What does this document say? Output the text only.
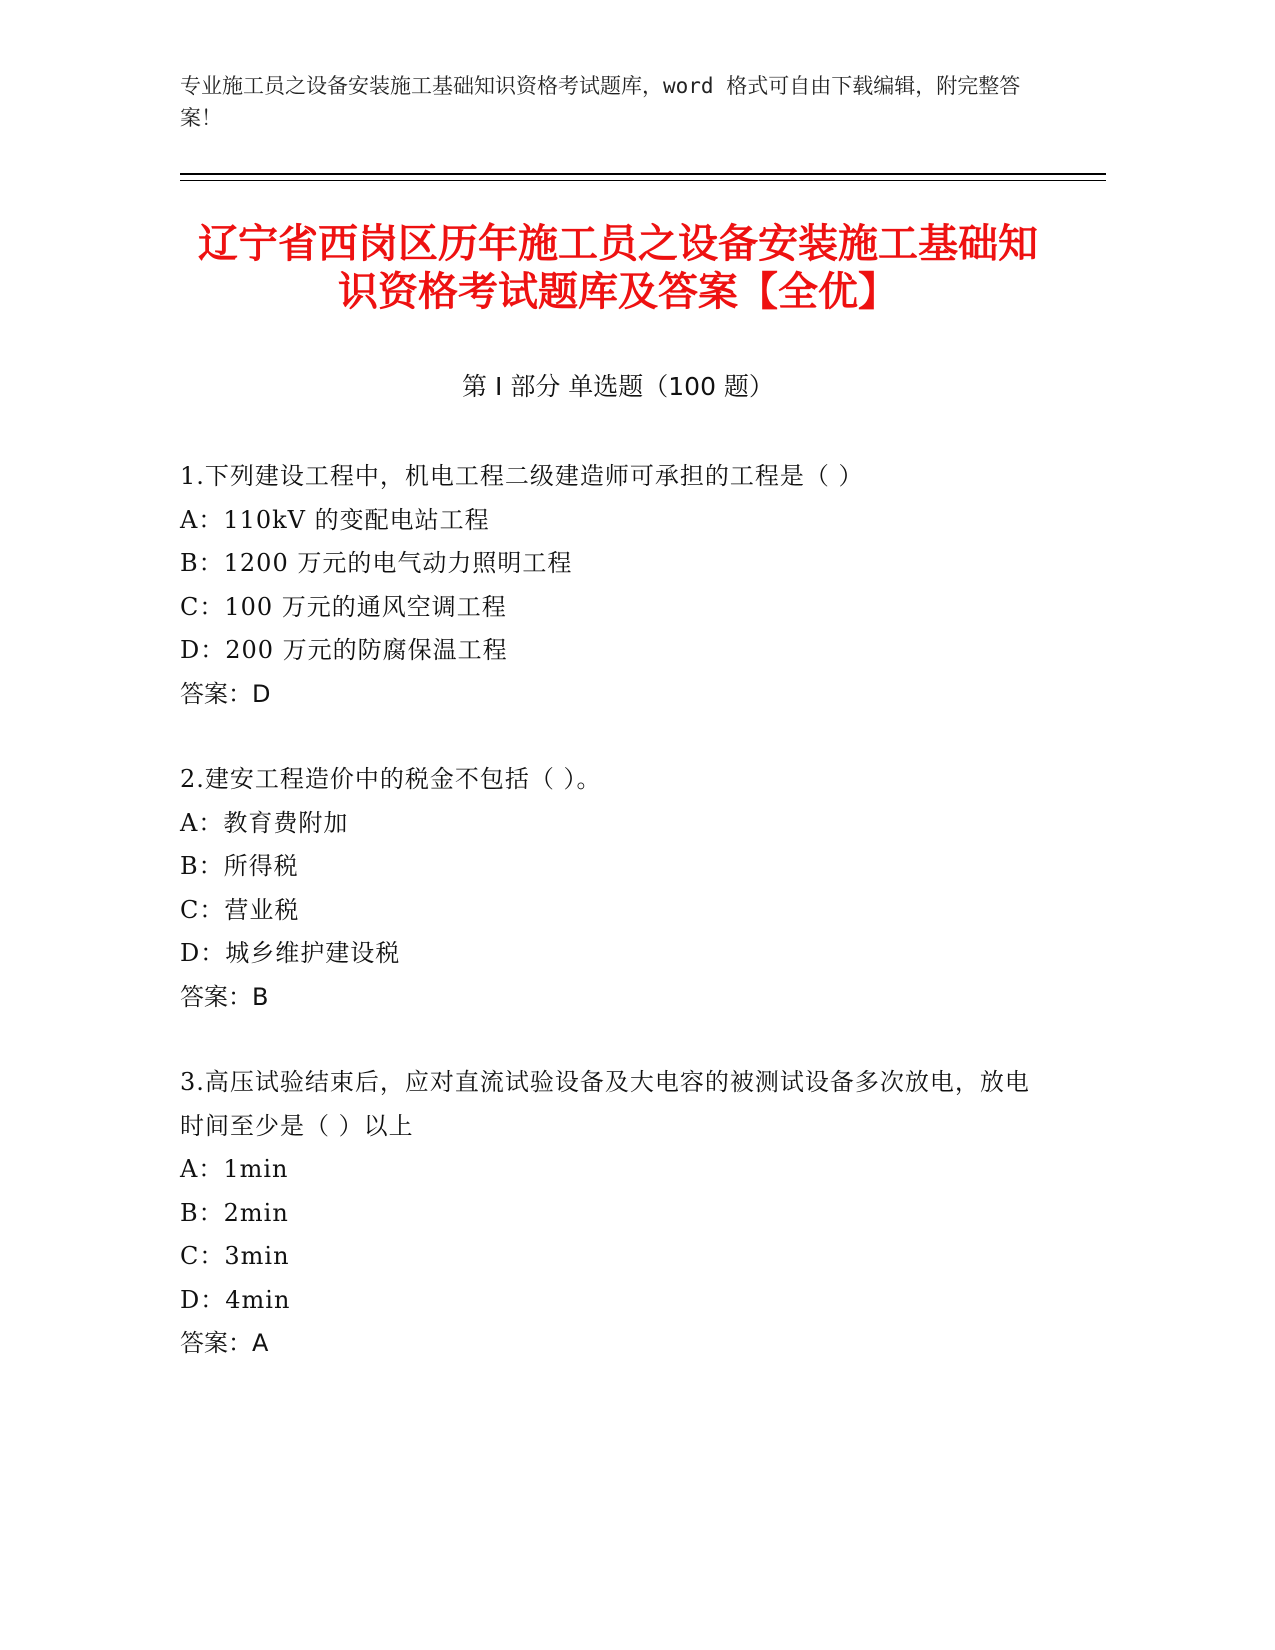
专业施工员之设备安装施工基础知识资格考试题库，word 格式可自由下载编辑，附完整答案！
辽宁省西岗区历年施工员之设备安装施工基础知识资格考试题库及答案【全优】
第 I 部分 单选题（100 题）
1.下列建设工程中，机电工程二级建造师可承担的工程是（ ）
A：110kV 的变配电站工程
B：1200 万元的电气动力照明工程
C：100 万元的通风空调工程
D：200 万元的防腐保温工程
答案：D
2.建安工程造价中的税金不包括（ ）。
A：教育费附加
B：所得税
C：营业税
D：城乡维护建设税
答案：B
3.高压试验结束后，应对直流试验设备及大电容的被测试设备多次放电，放电时间至少是（ ）以上
A：1min
B：2min
C：3min
D：4min
答案：A
